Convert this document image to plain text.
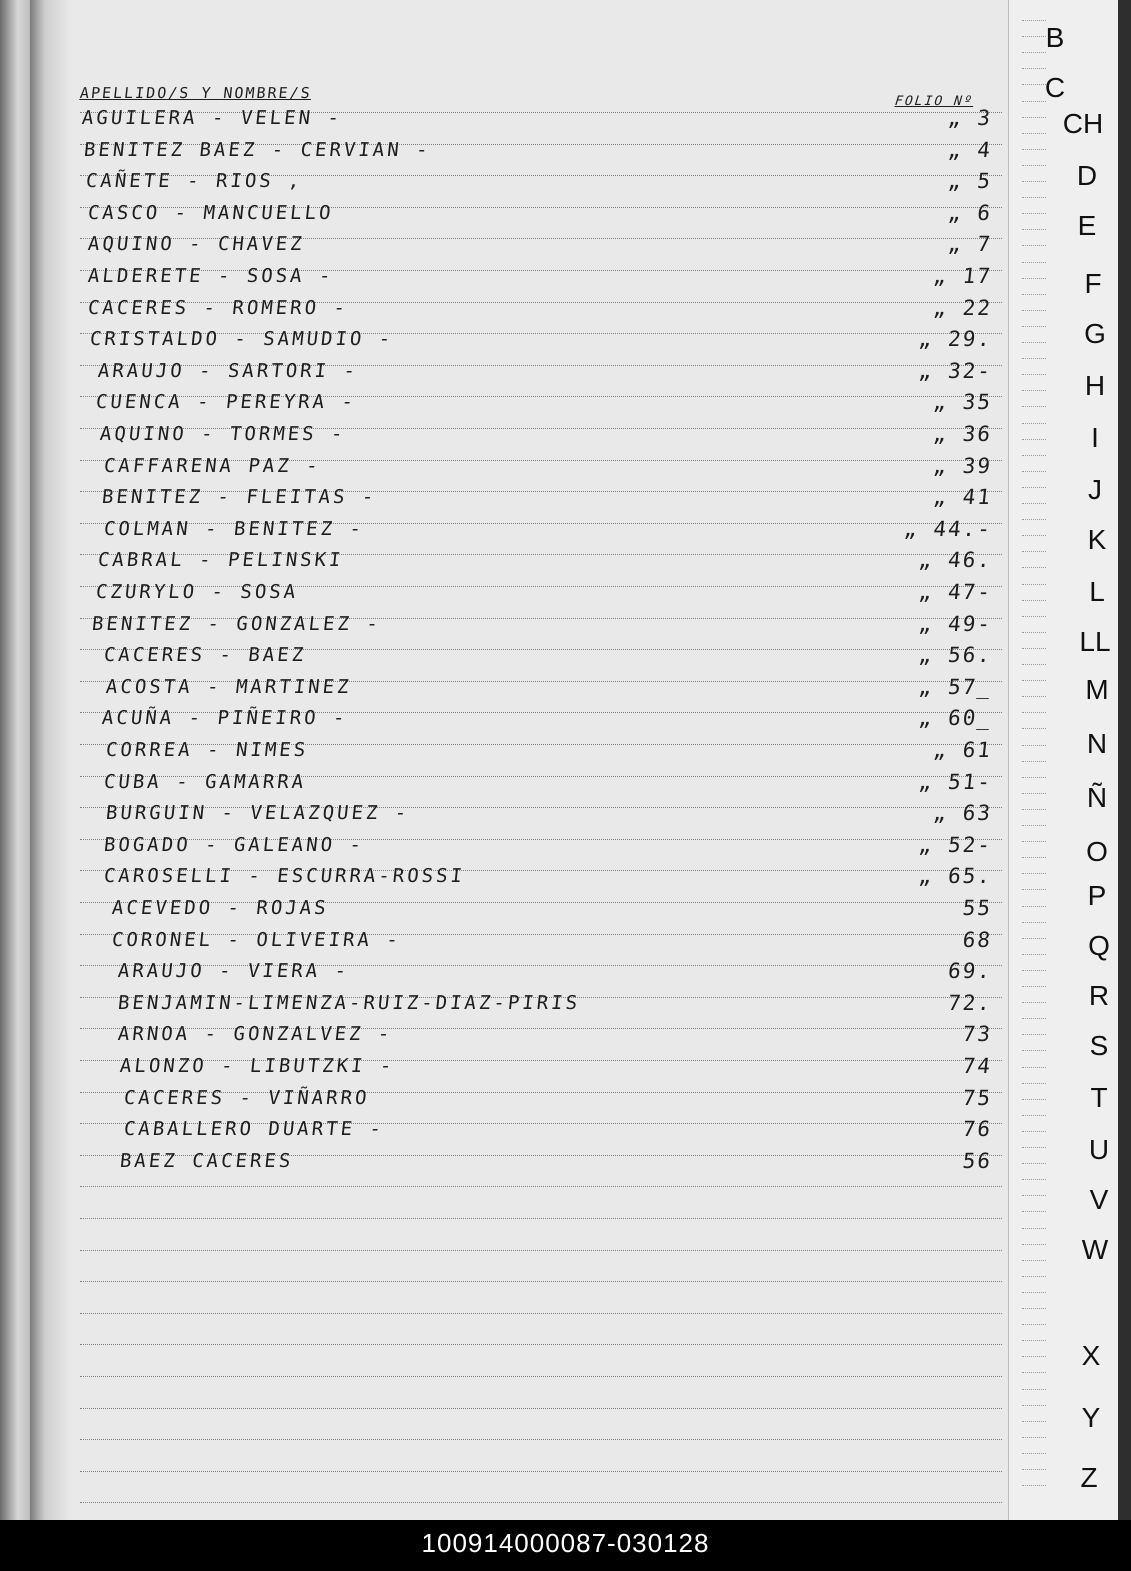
APELLIDO/S Y NOMBRE/S	FOLIO Nº
AGUILERA - VELEN -	„ 3
BENITEZ BAEZ - CERVIAN -	„ 4
CAÑETE - RIOS ,	„ 5
CASCO - MANCUELLO	„ 6
AQUINO - CHAVEZ	„ 7
ALDERETE - SOSA -	„ 17
CACERES - ROMERO -	„ 22
CRISTALDO - SAMUDIO -	„ 29.
ARAUJO - SARTORI -	„ 32-
CUENCA - PEREYRA -	„ 35
AQUINO - TORMES -	„ 36
CAFFARENA PAZ -	„ 39
BENITEZ - FLEITAS -	„ 41
COLMAN - BENITEZ -	„ 44.-
CABRAL - PELINSKI	„ 46.
CZURYLO - SOSA	„ 47-
BENITEZ - GONZALEZ -	„ 49-
CACERES - BAEZ	„ 56.
ACOSTA - MARTINEZ	„ 57_
ACUÑA - PIÑEIRO -	„ 60_
CORREA - NIMES	„ 61
CUBA - GAMARRA	„ 51-
BURGUIN - VELAZQUEZ -	„ 63
BOGADO - GALEANO -	„ 52-
CAROSELLI - ESCURRA-ROSSI	„ 65.
ACEVEDO - ROJAS	55
CORONEL - OLIVEIRA -	68
ARAUJO - VIERA -	69.
BENJAMIN-LIMENZA-RUIZ-DIAZ-PIRIS	72.
ARNOA - GONZALVEZ -	73
ALONZO - LIBUTZKI -	74
CACERES - VIÑARRO	75
CABALLERO DUARTE -	76
BAEZ CACERES	56
B
C
CH
D
E
F
G
H
I
J
K
L
LL
M
N
Ñ
O
P
Q
R
S
T
U
V
W
X
Y
Z
100914000087-030128
